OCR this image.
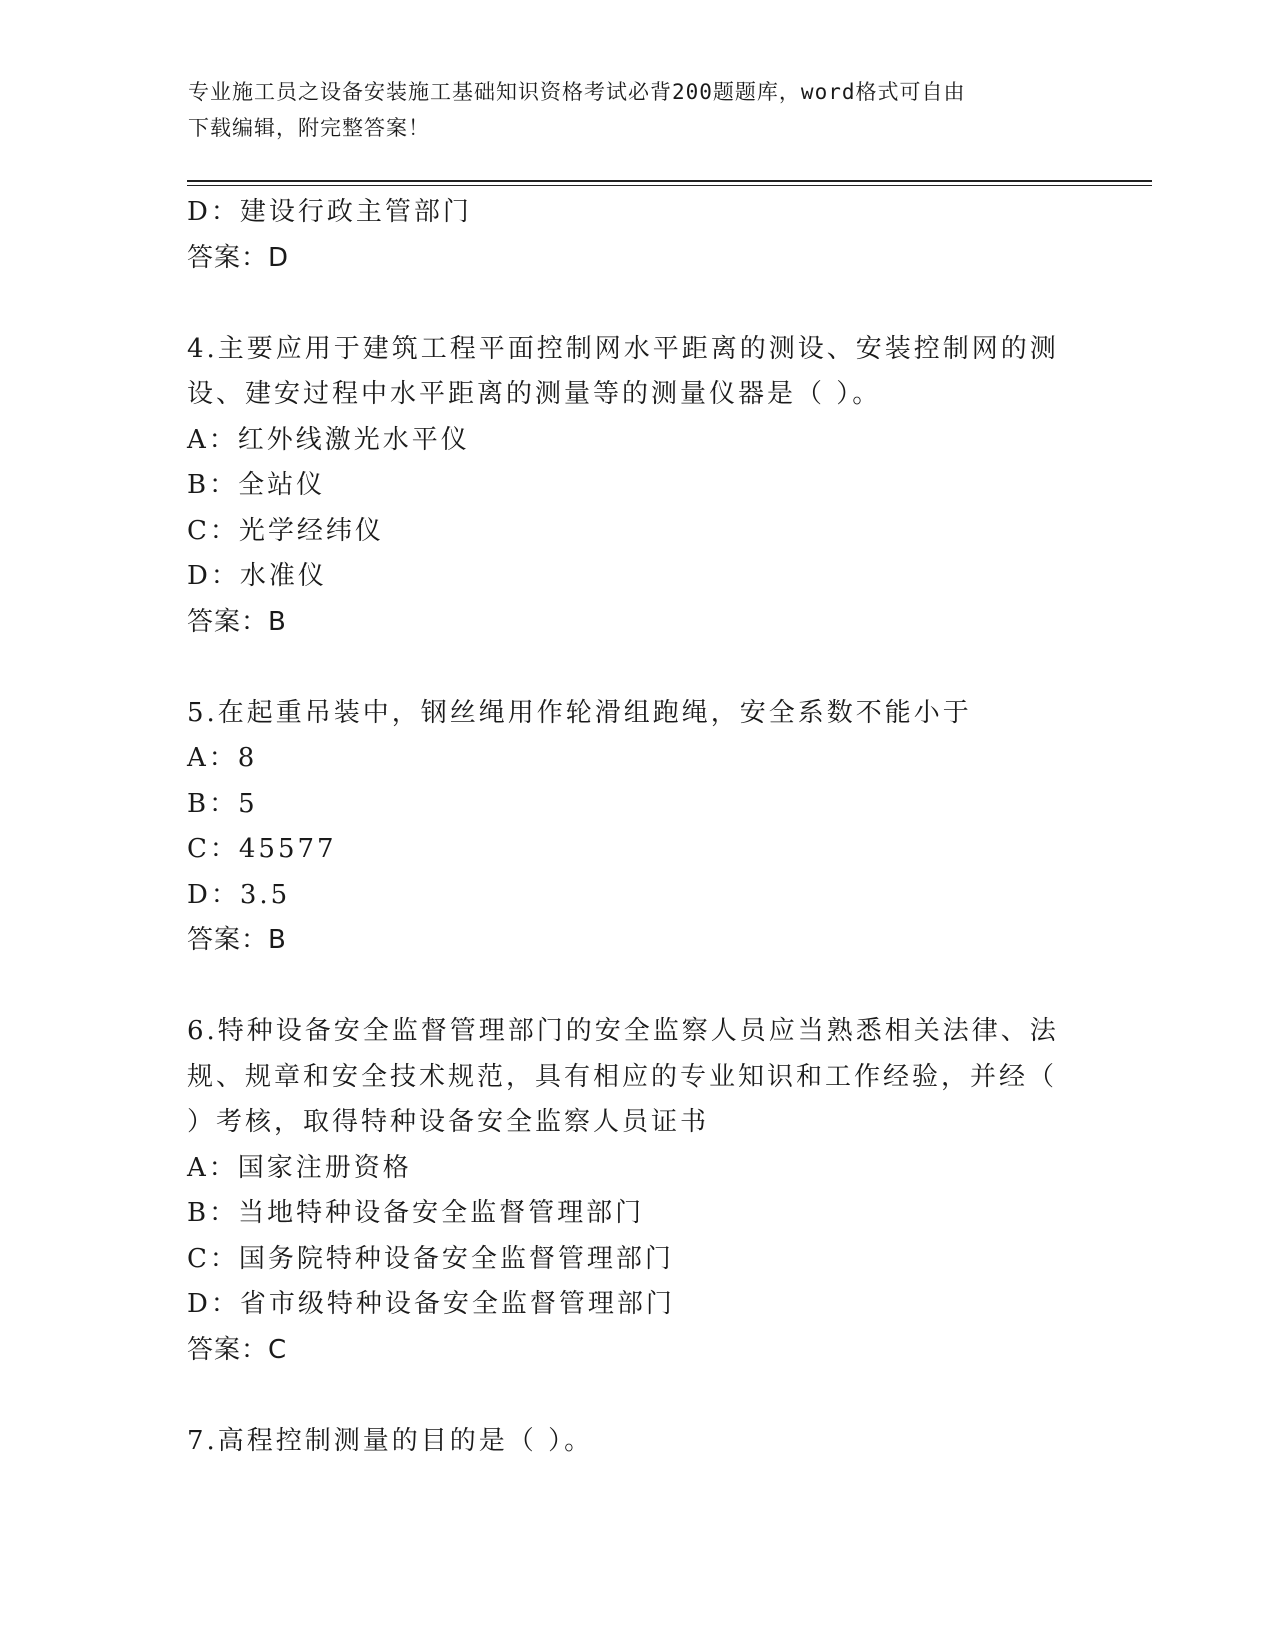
专业施工员之设备安装施工基础知识资格考试必背200题题库，word格式可自由
下载编辑，附完整答案！
D：建设行政主管部门
答案：D
4.主要应用于建筑工程平面控制网水平距离的测设、安装控制网的测
设、建安过程中水平距离的测量等的测量仪器是（ ）。
A：红外线激光水平仪
B：全站仪
C：光学经纬仪
D：水准仪
答案：B
5.在起重吊装中，钢丝绳用作轮滑组跑绳，安全系数不能小于
A：8
B：5
C：45577
D：3.5
答案：B
6.特种设备安全监督管理部门的安全监察人员应当熟悉相关法律、法
规、规章和安全技术规范，具有相应的专业知识和工作经验，并经（
）考核，取得特种设备安全监察人员证书
A：国家注册资格
B：当地特种设备安全监督管理部门
C：国务院特种设备安全监督管理部门
D：省市级特种设备安全监督管理部门
答案：C
7.高程控制测量的目的是（ ）。
